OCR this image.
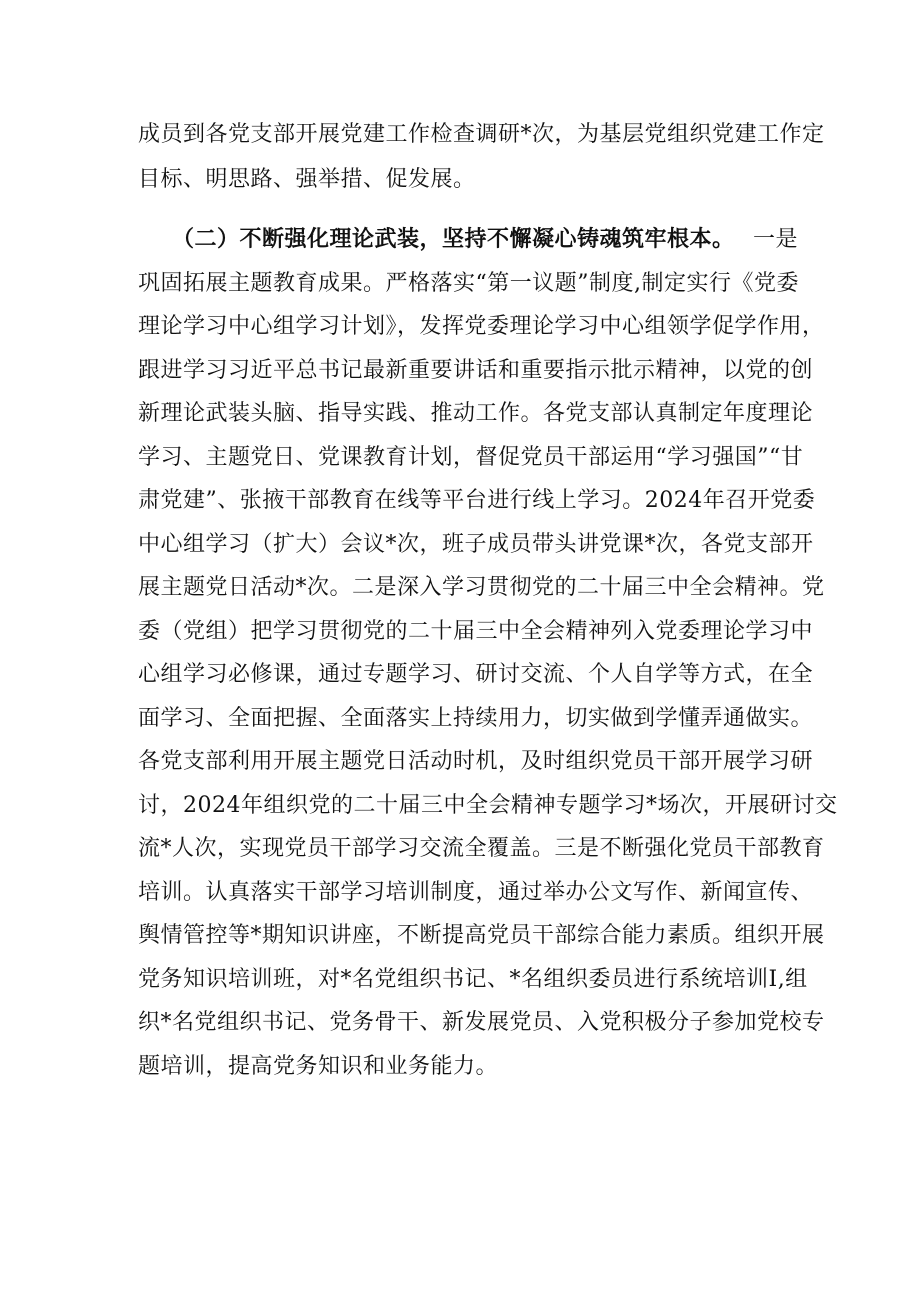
成员到各党支部开展党建工作检查调研*次，为基层党组织党建工作定
目标、明思路、强举措、促发展。
（二）不断强化理论武装，坚持不懈凝心铸魂筑牢根本。 一是
巩固拓展主题教育成果。严格落实“第一议题”制度,制定实行《党委
理论学习中心组学习计划》，发挥党委理论学习中心组领学促学作用，
跟进学习习近平总书记最新重要讲话和重要指示批示精神，以党的创
新理论武装头脑、指导实践、推动工作。各党支部认真制定年度理论
学习、主题党日、党课教育计划，督促党员干部运用“学习强国”“甘
肃党建”、张掖干部教育在线等平台进行线上学习。2024年召开党委
中心组学习（扩大）会议*次，班子成员带头讲党课*次，各党支部开
展主题党日活动*次。二是深入学习贯彻党的二十届三中全会精神。党
委（党组）把学习贯彻党的二十届三中全会精神列入党委理论学习中
心组学习必修课，通过专题学习、研讨交流、个人自学等方式，在全
面学习、全面把握、全面落实上持续用力，切实做到学懂弄通做实。
各党支部利用开展主题党日活动时机，及时组织党员干部开展学习研
讨，2024年组织党的二十届三中全会精神专题学习*场次，开展研讨交
流*人次，实现党员干部学习交流全覆盖。三是不断强化党员干部教育
培训。认真落实干部学习培训制度，通过举办公文写作、新闻宣传、
舆情管控等*期知识讲座，不断提高党员干部综合能力素质。组织开展
党务知识培训班，对*名党组织书记、*名组织委员进行系统培训I,组
织*名党组织书记、党务骨干、新发展党员、入党积极分子参加党校专
题培训，提高党务知识和业务能力。
